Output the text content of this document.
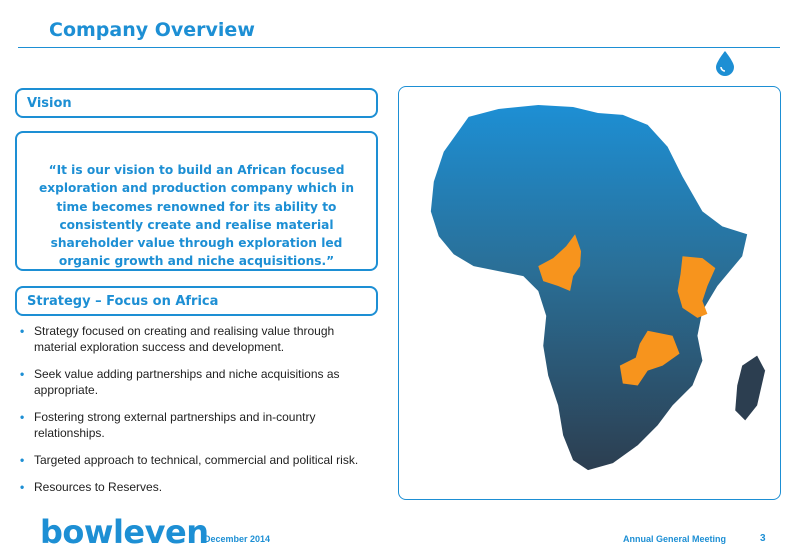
Company Overview
Vision
“It is our vision to build an African focused exploration and production company which in time becomes renowned for its ability to consistently create and realise material shareholder value through exploration led organic growth and niche acquisitions.”
Strategy – Focus on Africa
• Strategy focused on creating and realising value through material exploration success and development.
• Seek value adding partnerships and niche acquisitions as appropriate.
• Fostering strong external partnerships and in-country relationships.
• Targeted approach to technical, commercial and political risk.
• Resources to Reserves.
bowleven
December 2014	Annual General Meeting	3
